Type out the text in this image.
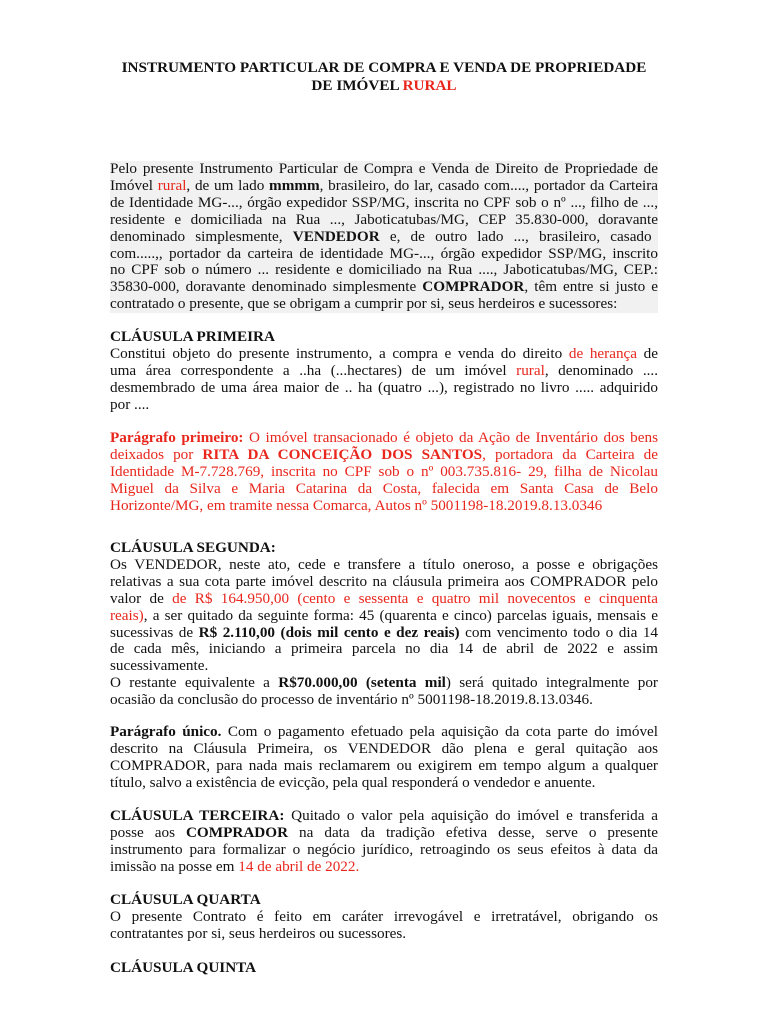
INSTRUMENTO PARTICULAR DE COMPRA E VENDA DE PROPRIEDADE
DE IMÓVEL RURAL
Pelo presente Instrumento Particular de Compra e Venda de Direito de Propriedade de
Imóvel rural, de um lado mmmm, brasileiro, do lar, casado com...., portador da Carteira
de Identidade MG-..., órgão expedidor SSP/MG, inscrita no CPF sob o nº ..., filho de ...,
residente e domiciliada na Rua ..., Jaboticatubas/MG, CEP 35.830-000, doravante
denominado simplesmente, VENDEDOR e, de outro lado ..., brasileiro, casado
com.....,, portador da carteira de identidade MG-..., órgão expedidor SSP/MG, inscrito
no CPF sob o número ... residente e domiciliado na Rua ...., Jaboticatubas/MG, CEP.:
35830-000, doravante denominado simplesmente COMPRADOR, têm entre si justo e
contratado o presente, que se obrigam a cumprir por si, seus herdeiros e sucessores:
CLÁUSULA PRIMEIRA
Constitui objeto do presente instrumento, a compra e venda do direito de herança de
uma área correspondente a ..ha (...hectares) de um imóvel rural, denominado ....
desmembrado de uma área maior de .. ha (quatro ...), registrado no livro ..... adquirido
por ....
Parágrafo primeiro: O imóvel transacionado é objeto da Ação de Inventário dos bens
deixados por RITA DA CONCEIÇÃO DOS SANTOS, portadora da Carteira de
Identidade M-7.728.769, inscrita no CPF sob o nº 003.735.816- 29, filha de Nicolau
Miguel da Silva e Maria Catarina da Costa, falecida em Santa Casa de Belo
Horizonte/MG, em tramite nessa Comarca, Autos nº 5001198-18.2019.8.13.0346
CLÁUSULA SEGUNDA:
Os VENDEDOR, neste ato, cede e transfere a título oneroso, a posse e obrigações
relativas a sua cota parte imóvel descrito na cláusula primeira aos COMPRADOR pelo
valor de de R$ 164.950,00 (cento e sessenta e quatro mil novecentos e cinquenta
reais), a ser quitado da seguinte forma: 45 (quarenta e cinco) parcelas iguais, mensais e
sucessivas de R$ 2.110,00 (dois mil cento e dez reais) com vencimento todo o dia 14
de cada mês, iniciando a primeira parcela no dia 14 de abril de 2022 e assim
sucessivamente.
O restante equivalente a R$70.000,00 (setenta mil) será quitado integralmente por
ocasião da conclusão do processo de inventário nº 5001198-18.2019.8.13.0346.
Parágrafo único. Com o pagamento efetuado pela aquisição da cota parte do imóvel
descrito na Cláusula Primeira, os VENDEDOR dão plena e geral quitação aos
COMPRADOR, para nada mais reclamarem ou exigirem em tempo algum a qualquer
título, salvo a existência de evicção, pela qual responderá o vendedor e anuente.
CLÁUSULA TERCEIRA: Quitado o valor pela aquisição do imóvel e transferida a
posse aos COMPRADOR na data da tradição efetiva desse, serve o presente
instrumento para formalizar o negócio jurídico, retroagindo os seus efeitos à data da
imissão na posse em 14 de abril de 2022.
CLÁUSULA QUARTA
O presente Contrato é feito em caráter irrevogável e irretratável, obrigando os
contratantes por si, seus herdeiros ou sucessores.
CLÁUSULA QUINTA
